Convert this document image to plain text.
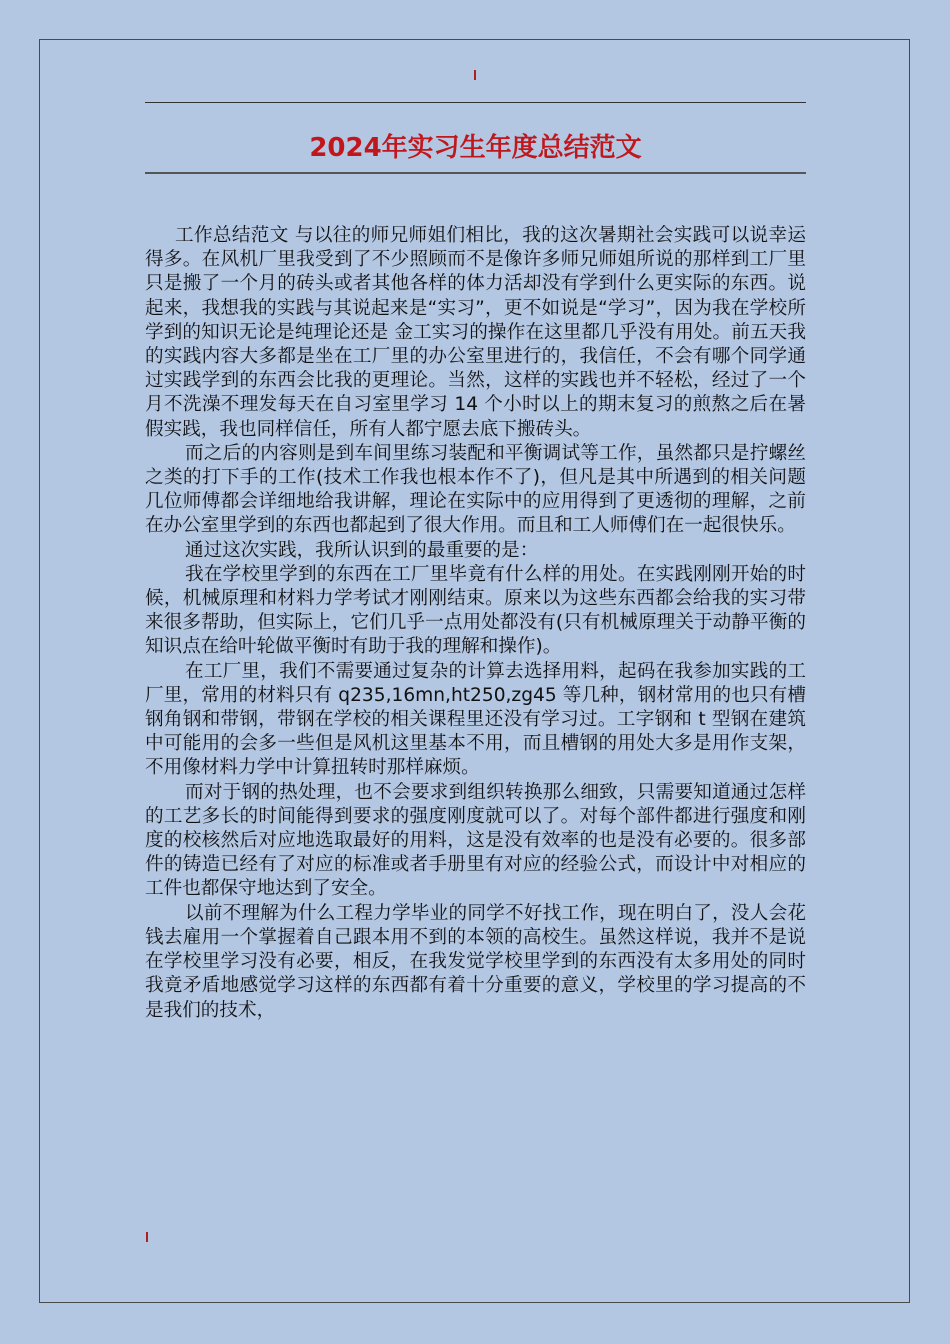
2024年实习生年度总结范文

工作总结范文 与以往的师兄师姐们相比，我的这次暑期社会实践可以说幸运得多。在风机厂里我受到了不少照顾而不是像许多师兄师姐所说的那样到工厂里只是搬了一个月的砖头或者其他各样的体力活却没有学到什么更实际的东西。说起来，我想我的实践与其说起来是“实习”，更不如说是“学习”，因为我在学校所学到的知识无论是纯理论还是 金工实习的操作在这里都几乎没有用处。前五天我的实践内容大多都是坐在工厂里的办公室里进行的，我信任，不会有哪个同学通过实践学到的东西会比我的更理论。当然，这样的实践也并不轻松，经过了一个月不洗澡不理发每天在自习室里学习 14 个小时以上的期末复习的煎熬之后在暑假实践，我也同样信任，所有人都宁愿去底下搬砖头。

而之后的内容则是到车间里练习装配和平衡调试等工作，虽然都只是拧螺丝之类的打下手的工作(技术工作我也根本作不了)，但凡是其中所遇到的相关问题几位师傅都会详细地给我讲解，理论在实际中的应用得到了更透彻的理解，之前在办公室里学到的东西也都起到了很大作用。而且和工人师傅们在一起很快乐。

通过这次实践，我所认识到的最重要的是：

我在学校里学到的东西在工厂里毕竟有什么样的用处。在实践刚刚开始的时候，机械原理和材料力学考试才刚刚结束。原来以为这些东西都会给我的实习带来很多帮助，但实际上，它们几乎一点用处都没有(只有机械原理关于动静平衡的知识点在给叶轮做平衡时有助于我的理解和操作)。

在工厂里，我们不需要通过复杂的计算去选择用料，起码在我参加实践的工厂里，常用的材料只有 q235,16mn,ht250,zg45 等几种，钢材常用的也只有槽钢角钢和带钢，带钢在学校的相关课程里还没有学习过。工字钢和 t 型钢在建筑中可能用的会多一些但是风机这里基本不用，而且槽钢的用处大多是用作支架，不用像材料力学中计算扭转时那样麻烦。

而对于钢的热处理，也不会要求到组织转换那么细致，只需要知道通过怎样的工艺多长的时间能得到要求的强度刚度就可以了。对每个部件都进行强度和刚度的校核然后对应地选取最好的用料，这是没有效率的也是没有必要的。很多部件的铸造已经有了对应的标准或者手册里有对应的经验公式，而设计中对相应的工件也都保守地达到了安全。

以前不理解为什么工程力学毕业的同学不好找工作，现在明白了，没人会花钱去雇用一个掌握着自己跟本用不到的本领的高校生。虽然这样说，我并不是说在学校里学习没有必要，相反，在我发觉学校里学到的东西没有太多用处的同时我竟矛盾地感觉学习这样的东西都有着十分重要的意义，学校里的学习提高的不是我们的技术，
